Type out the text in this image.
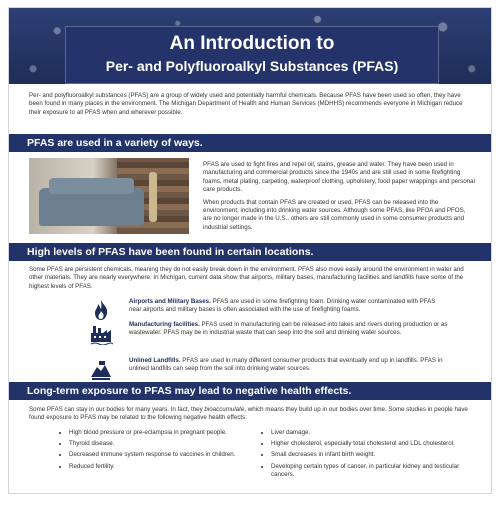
An Introduction to
Per- and Polyfluoroalkyl Substances (PFAS)
Per- and polyfluoroalkyl substances (PFAS) are a group of widely used and potentially harmful chemicals. Because PFAS have been used so often, they have been found in many places in the environment. The Michigan Department of Health and Human Services (MDHHS) recommends everyone in Michigan reduce their exposure to all PFAS when and wherever possible.
PFAS are used in a variety of ways.

PFAS are used to fight fires and repel oil, stains, grease and water. They have been used in manufacturing and commercial products since the 1940s and are still used in some firefighting foams, metal plating, carpeting, waterproof clothing, upholstery, food paper wrappings and personal care products.

When products that contain PFAS are created or used, PFAS can be released into the environment, including into drinking water sources. Although some PFAS, like PFOA and PFOS, are no longer made in the U.S., others are still commonly used in some consumer products and industrial settings.

High levels of PFAS have been found in certain locations.
Some PFAS are persistent chemicals, meaning they do not easily break down in the environment. PFAS also move easily around the environment in water and other materials. They are nearly everywhere. In Michigan, current data show that airports, military bases, manufacturing facilities and landfills have some of the highest levels of PFAS.
Airports and Military Bases. PFAS are used in some firefighting foam. Drinking water contaminated with PFAS near airports and military bases is often associated with the use of firefighting foams.
Manufacturing facilities. PFAS used in manufacturing can be released into lakes and rivers during production or as wastewater. PFAS may be in industrial waste that can seep into the soil and drinking water sources.
Unlined Landfills. PFAS are used in many different consumer products that eventually end up in landfills. PFAS in unlined landfills can seep from the soil into drinking water sources.
Long-term exposure to PFAS may lead to negative health effects.
Some PFAS can stay in our bodies for many years. In fact, they bioaccumulate, which means they build up in our bodies over time. Some studies in people have found exposure to PFAS may be related to the following negative health effects:
• High blood pressure or pre-eclampsia in pregnant people.
• Thyroid disease.
• Decreased immune system response to vaccines in children.
• Reduced fertility.
• Liver damage.
• Higher cholesterol, especially total cholesterol and LDL cholesterol.
• Small decreases in infant birth weight.
• Developing certain types of cancer, in particular kidney and testicular cancers.
